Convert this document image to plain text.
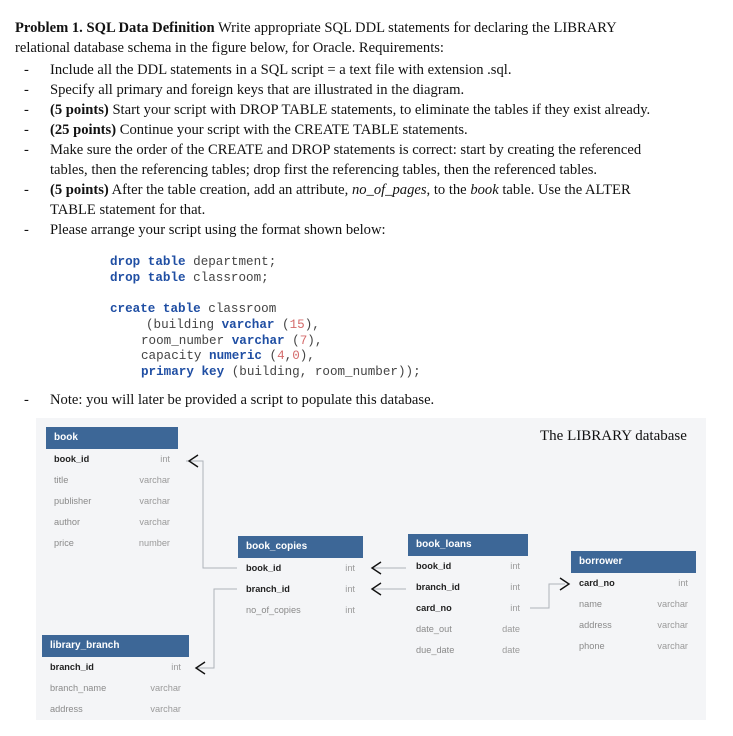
Problem 1. SQL Data Definition Write appropriate SQL DDL statements for declaring the LIBRARY
relational database schema in the figure below, for Oracle. Requirements:
- Include all the DDL statements in a SQL script = a text file with extension .sql.
- Specify all primary and foreign keys that are illustrated in the diagram.
- (5 points) Start your script with DROP TABLE statements, to eliminate the tables if they exist already.
- (25 points) Continue your script with the CREATE TABLE statements.
- Make sure the order of the CREATE and DROP statements is correct: start by creating the referenced
tables, then the referencing tables; drop first the referencing tables, then the referenced tables.
- (5 points) After the table creation, add an attribute, no_of_pages, to the book table. Use the ALTER
TABLE statement for that.
- Please arrange your script using the format shown below:
drop table department;
drop table classroom;
create table classroom
(building varchar (15),
room_number varchar (7),
capacity numeric (4,0),
primary key (building, room_number));
- Note: you will later be provided a script to populate this database.
The LIBRARY database
book
book_id	int
title	varchar
publisher	varchar
author	varchar
price	number
library_branch
branch_id	int
branch_name	varchar
address	varchar
book_copies
book_id	int
branch_id	int
no_of_copies	int
book_loans
book_id	int
branch_id	int
card_no	int
date_out	date
due_date	date
borrower
card_no	int
name	varchar
address	varchar
phone	varchar
